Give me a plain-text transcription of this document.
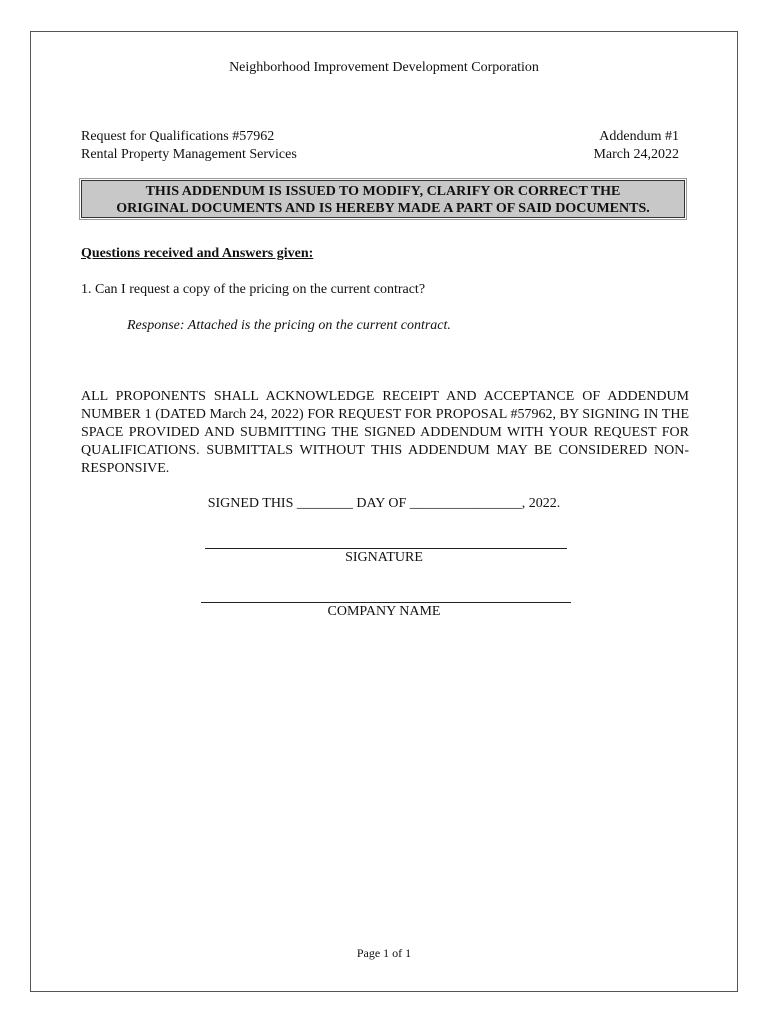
Neighborhood Improvement Development Corporation
Request for Qualifications #57962
Rental Property Management Services
Addendum #1
March 24,2022
THIS ADDENDUM IS ISSUED TO MODIFY, CLARIFY OR CORRECT THE
ORIGINAL DOCUMENTS AND IS HEREBY MADE A PART OF SAID DOCUMENTS.
Questions received and Answers given:
1. Can I request a copy of the pricing on the current contract?
Response: Attached is the pricing on the current contract.

ALL PROPONENTS SHALL ACKNOWLEDGE RECEIPT AND ACCEPTANCE OF ADDENDUM NUMBER 1 (DATED March 24, 2022) FOR REQUEST FOR PROPOSAL #57962, BY SIGNING IN THE SPACE PROVIDED AND SUBMITTING THE SIGNED ADDENDUM WITH YOUR REQUEST FOR QUALIFICATIONS. SUBMITTALS WITHOUT THIS ADDENDUM MAY BE CONSIDERED NON-RESPONSIVE.

SIGNED THIS ________ DAY OF ________________, 2022.
SIGNATURE
COMPANY NAME
Page 1 of 1
